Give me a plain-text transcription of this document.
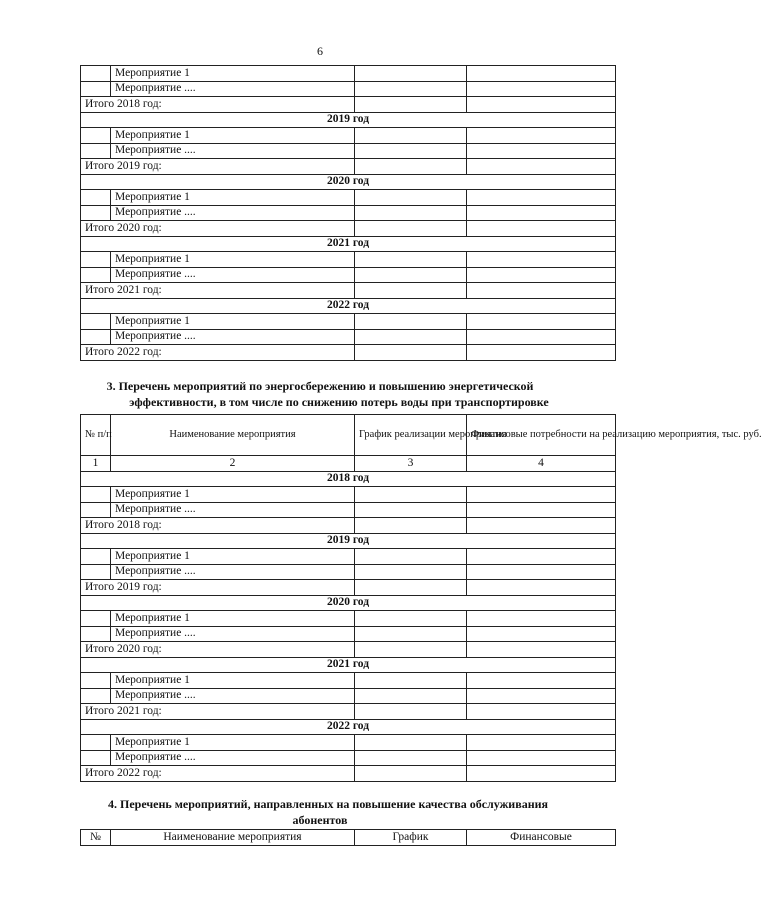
6
	Мероприятие 1		
	Мероприятие ....		
Итого 2018 год:			
2019 год			
	Мероприятие 1		
	Мероприятие ....		
Итого 2019 год:			
2020 год			
	Мероприятие 1		
	Мероприятие ....		
Итого 2020 год:			
2021 год			
	Мероприятие 1		
	Мероприятие ....		
Итого 2021 год:			
2022 год			
	Мероприятие 1		
	Мероприятие ....		
Итого 2022 год:			
3. Перечень мероприятий по энергосбережению и повышению энергетической
эффективности, в том числе по снижению потерь воды при транспортировке
№ п/п	Наименование мероприятия	График реализации мероприятия	Финансовые потребности на реализацию мероприятия, тыс. руб.
1	2	3	4
2018 год			
	Мероприятие 1		
	Мероприятие ....		
Итого 2018 год:			
2019 год			
	Мероприятие 1		
	Мероприятие ....		
Итого 2019 год:			
2020 год			
	Мероприятие 1		
	Мероприятие ....		
Итого 2020 год:			
2021 год			
	Мероприятие 1		
	Мероприятие ....		
Итого 2021 год:			
2022 год			
	Мероприятие 1		
	Мероприятие ....		
Итого 2022 год:			
4. Перечень мероприятий, направленных на повышение качества обслуживания
абонентов
№	Наименование мероприятия	График	Финансовые
